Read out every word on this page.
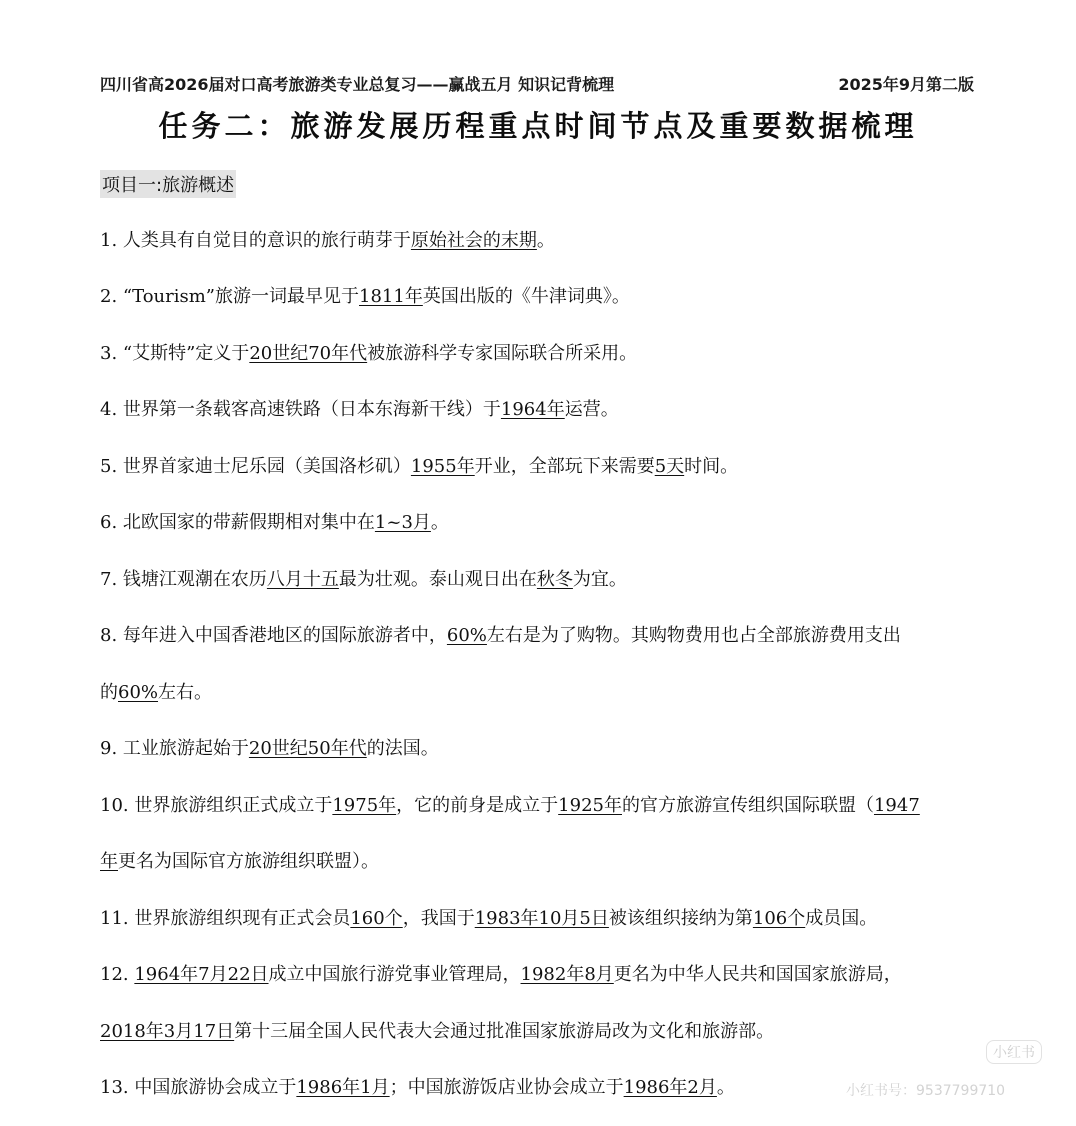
四川省高2026届对口高考旅游类专业总复习——赢战五月 知识记背梳理	2025年9月第二版
任务二：旅游发展历程重点时间节点及重要数据梳理
项目一:旅游概述
1. 人类具有自觉目的意识的旅行萌芽于原始社会的末期。
2. “Tourism”旅游一词最早见于1811年英国出版的《牛津词典》。
3. “艾斯特”定义于20世纪70年代被旅游科学专家国际联合所采用。
4. 世界第一条载客高速铁路（日本东海新干线）于1964年运营。
5. 世界首家迪士尼乐园（美国洛杉矶）1955年开业，全部玩下来需要5天时间。
6. 北欧国家的带薪假期相对集中在1~3月。
7. 钱塘江观潮在农历八月十五最为壮观。泰山观日出在秋冬为宜。
8. 每年进入中国香港地区的国际旅游者中，60%左右是为了购物。其购物费用也占全部旅游费用支出
的60%左右。
9. 工业旅游起始于20世纪50年代的法国。
10. 世界旅游组织正式成立于1975年，它的前身是成立于1925年的官方旅游宣传组织国际联盟（1947
年更名为国际官方旅游组织联盟）。
11. 世界旅游组织现有正式会员160个，我国于1983年10月5日被该组织接纳为第106个成员国。
12. 1964年7月22日成立中国旅行游党事业管理局，1982年8月更名为中华人民共和国国家旅游局，
2018年3月17日第十三届全国人民代表大会通过批准国家旅游局改为文化和旅游部。
13. 中国旅游协会成立于1986年1月；中国旅游饭店业协会成立于1986年2月。
小红书
小红书号：9537799710
